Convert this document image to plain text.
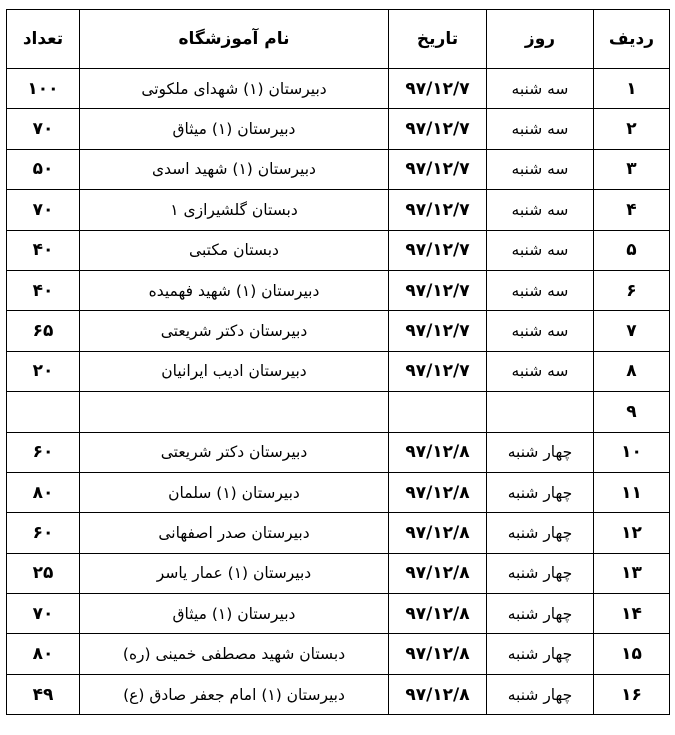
ردیف	روز	تاریخ	نام آموزشگاه	تعداد
۱	سه شنبه	۹۷/۱۲/۷	دبیرستان (۱) شهدای ملکوتی	۱۰۰
۲	سه شنبه	۹۷/۱۲/۷	دبیرستان (۱) میثاق	۷۰
۳	سه شنبه	۹۷/۱۲/۷	دبیرستان (۱) شهید اسدی	۵۰
۴	سه شنبه	۹۷/۱۲/۷	دبستان گلشیرازی ۱	۷۰
۵	سه شنبه	۹۷/۱۲/۷	دبستان مکتبی	۴۰
۶	سه شنبه	۹۷/۱۲/۷	دبیرستان (۱) شهید فهمیده	۴۰
۷	سه شنبه	۹۷/۱۲/۷	دبیرستان دکتر شریعتی	۶۵
۸	سه شنبه	۹۷/۱۲/۷	دبیرستان ادیب ایرانیان	۲۰
۹				
۱۰	چهار شنبه	۹۷/۱۲/۸	دبیرستان دکتر شریعتی	۶۰
۱۱	چهار شنبه	۹۷/۱۲/۸	دبیرستان (۱) سلمان	۸۰
۱۲	چهار شنبه	۹۷/۱۲/۸	دبیرستان صدر اصفهانی	۶۰
۱۳	چهار شنبه	۹۷/۱۲/۸	دبیرستان (۱) عمار یاسر	۲۵
۱۴	چهار شنبه	۹۷/۱۲/۸	دبیرستان (۱) میثاق	۷۰
۱۵	چهار شنبه	۹۷/۱۲/۸	دبستان شهید مصطفی خمینی (ره)	۸۰
۱۶	چهار شنبه	۹۷/۱۲/۸	دبیرستان (۱) امام جعفر صادق (ع)	۴۹
